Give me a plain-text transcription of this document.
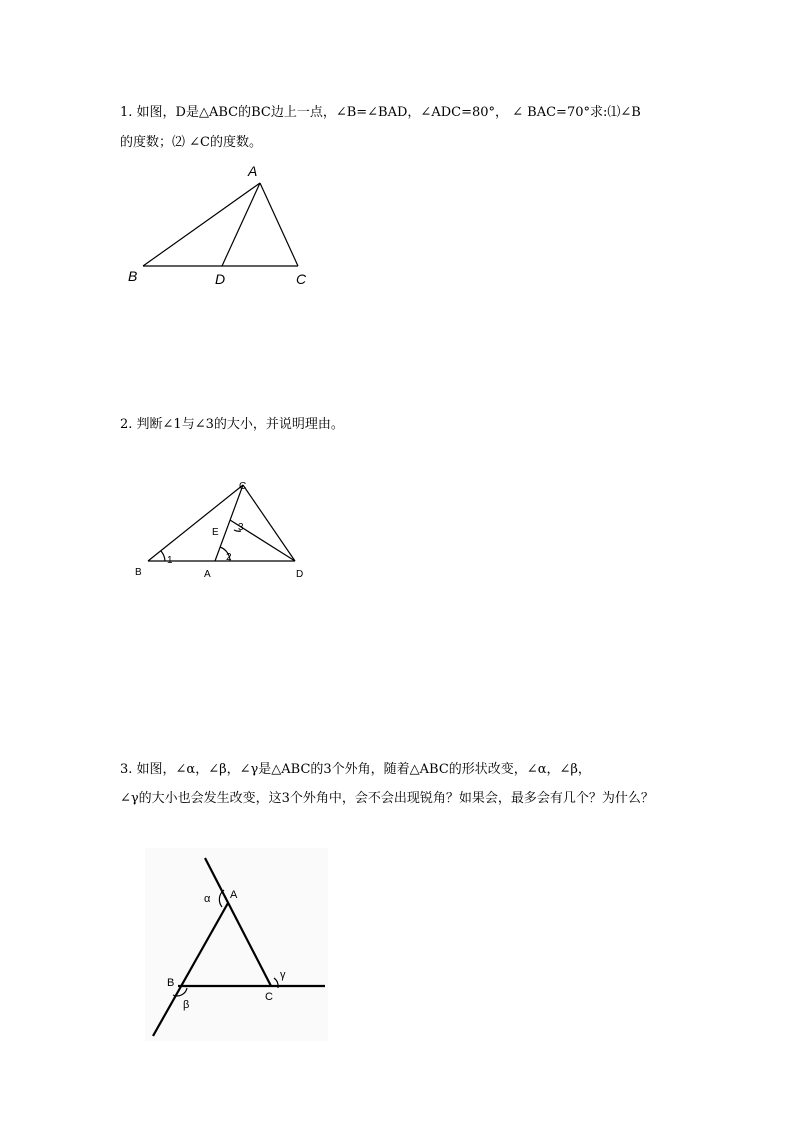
1. 如图，D是△ABC的BC边上一点，∠B=∠BAD，∠ADC=80°， ∠ BAC=70°求:⑴∠B

的度数；⑵ ∠C的度数。

A
B	D	C

2. 判断∠1与∠3的大小，并说明理由。

C
E 3
2
1
B	A	D

3. 如图，∠α，∠β，∠γ是△ABC的3个外角，随着△ABC的形状改变，∠α，∠β，

∠γ的大小也会发生改变，这3个外角中，会不会出现锐角？如果会，最多会有几个？为什么？

α A
B
β
C
γ
